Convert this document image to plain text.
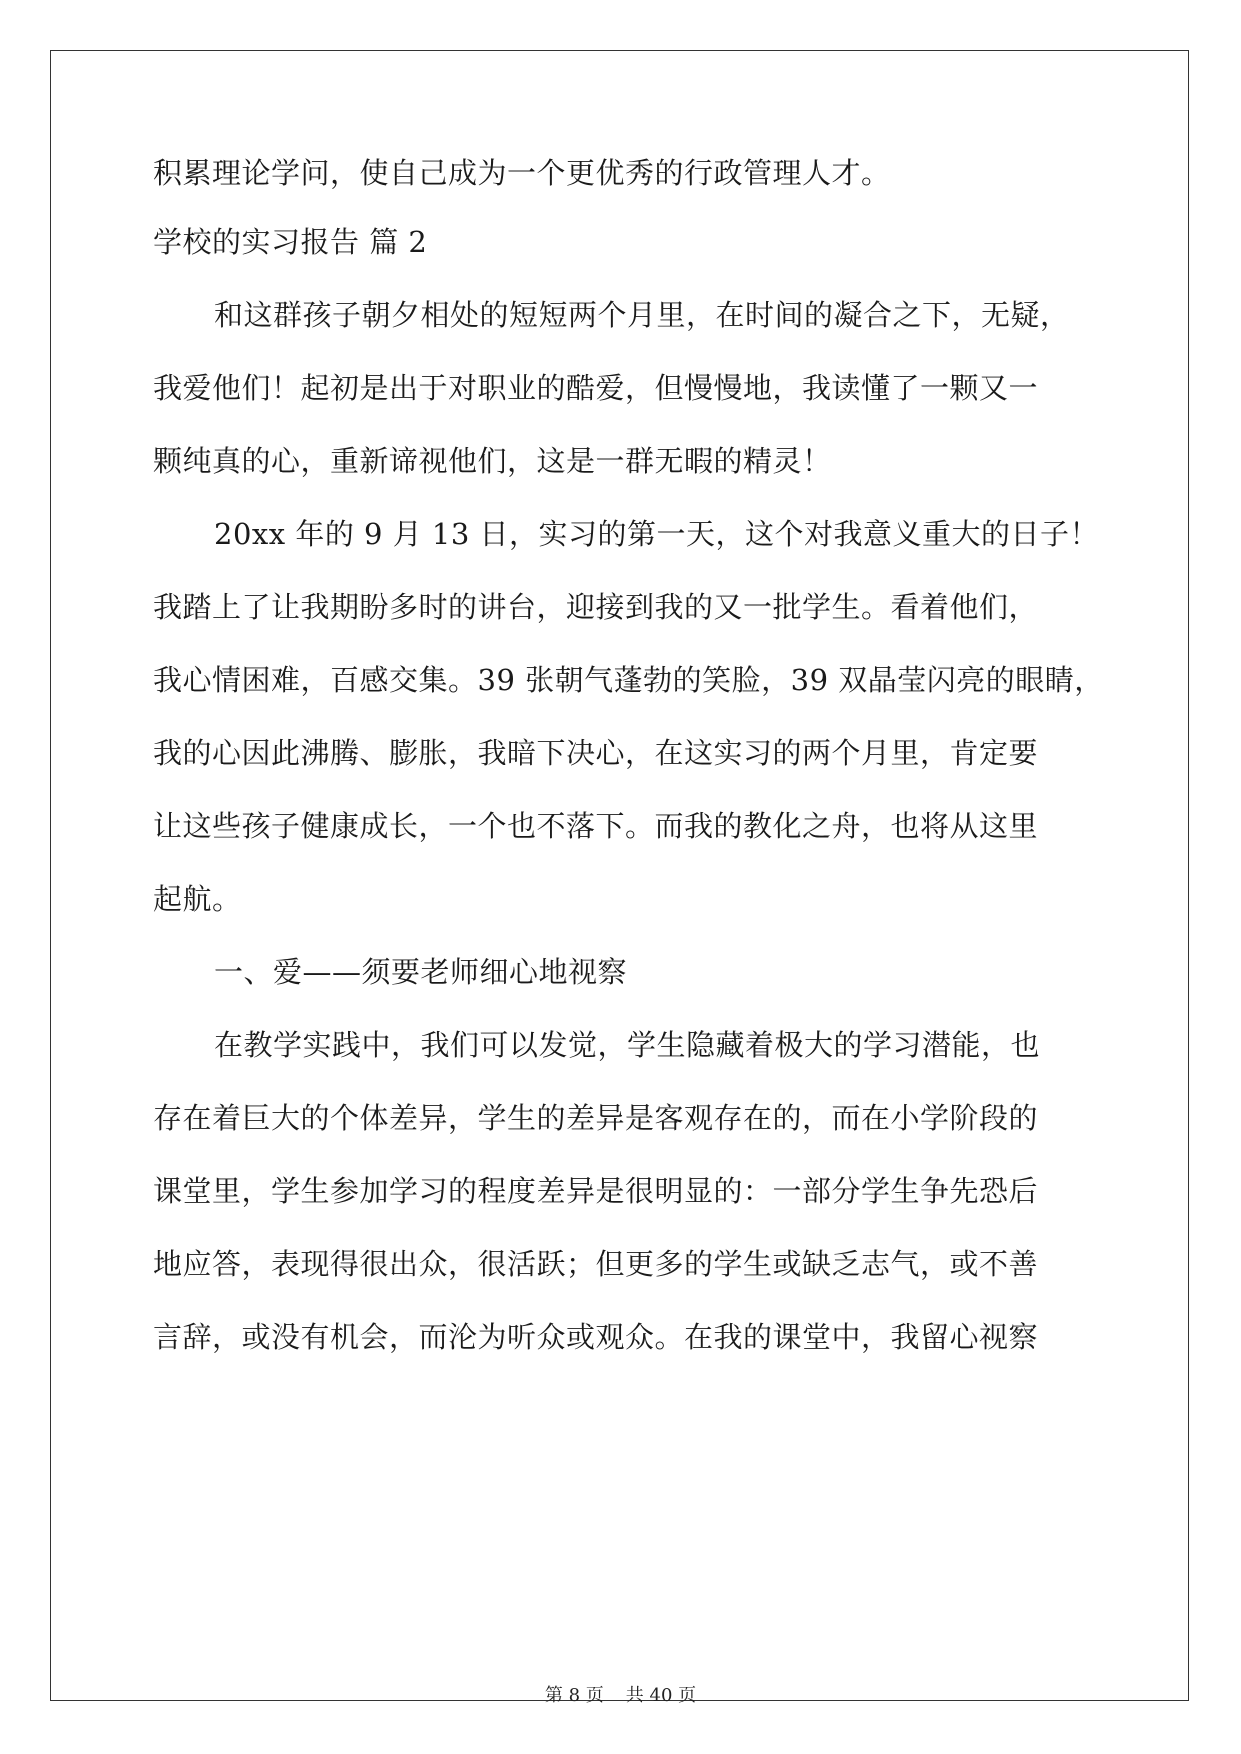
积累理论学问，使自己成为一个更优秀的行政管理人才。
学校的实习报告 篇 2
和这群孩子朝夕相处的短短两个月里，在时间的凝合之下，无疑，
我爱他们！起初是出于对职业的酷爱，但慢慢地，我读懂了一颗又一
颗纯真的心，重新谛视他们，这是一群无暇的精灵！
20xx 年的 9 月 13 日，实习的第一天，这个对我意义重大的日子！
我踏上了让我期盼多时的讲台，迎接到我的又一批学生。看着他们，
我心情困难，百感交集。39 张朝气蓬勃的笑脸，39 双晶莹闪亮的眼睛，
我的心因此沸腾、膨胀，我暗下决心，在这实习的两个月里，肯定要
让这些孩子健康成长，一个也不落下。而我的教化之舟，也将从这里
起航。
一、爱——须要老师细心地视察
在教学实践中，我们可以发觉，学生隐藏着极大的学习潜能，也
存在着巨大的个体差异，学生的差异是客观存在的，而在小学阶段的
课堂里，学生参加学习的程度差异是很明显的：一部分学生争先恐后
地应答，表现得很出众，很活跃；但更多的学生或缺乏志气，或不善
言辞，或没有机会，而沦为听众或观众。在我的课堂中，我留心视察
第 8 页 共 40 页
